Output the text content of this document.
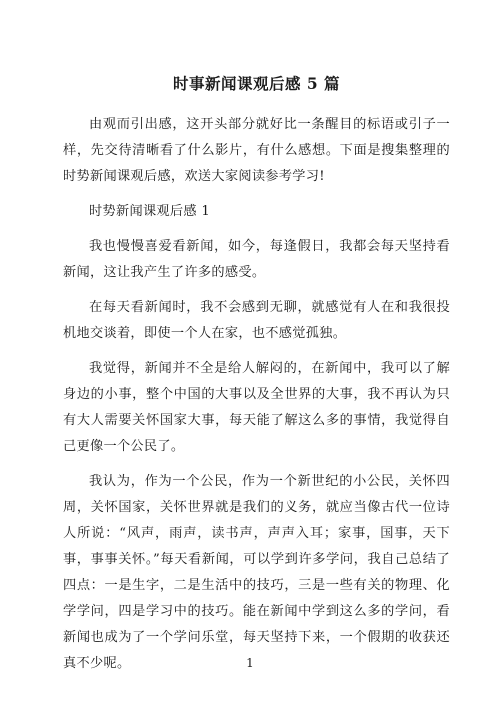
时事新闻课观后感 5 篇

由观而引出感，这开头部分就好比一条醒目的标语或引子一样，先交待清晰看了什么影片，有什么感想。下面是搜集整理的时势新闻课观后感，欢送大家阅读参考学习!

时势新闻课观后感 1

我也慢慢喜爱看新闻，如今，每逢假日，我都会每天坚持看新闻，这让我产生了许多的感受。

在每天看新闻时，我不会感到无聊，就感觉有人在和我很投机地交谈着，即使一个人在家，也不感觉孤独。

我觉得，新闻并不全是给人解闷的，在新闻中，我可以了解身边的小事，整个中国的大事以及全世界的大事，我不再认为只有大人需要关怀国家大事，每天能了解这么多的事情，我觉得自己更像一个公民了。

我认为，作为一个公民，作为一个新世纪的小公民，关怀四周，关怀国家，关怀世界就是我们的义务，就应当像古代一位诗人所说：“风声，雨声，读书声，声声入耳；家事，国事，天下事，事事关怀。”每天看新闻，可以学到许多学问，我自己总结了四点：一是生字，二是生活中的技巧，三是一些有关的物理、化学学问，四是学习中的技巧。能在新闻中学到这么多的学问，看新闻也成为了一个学问乐堂，每天坚持下来，一个假期的收获还真不少呢。	1
